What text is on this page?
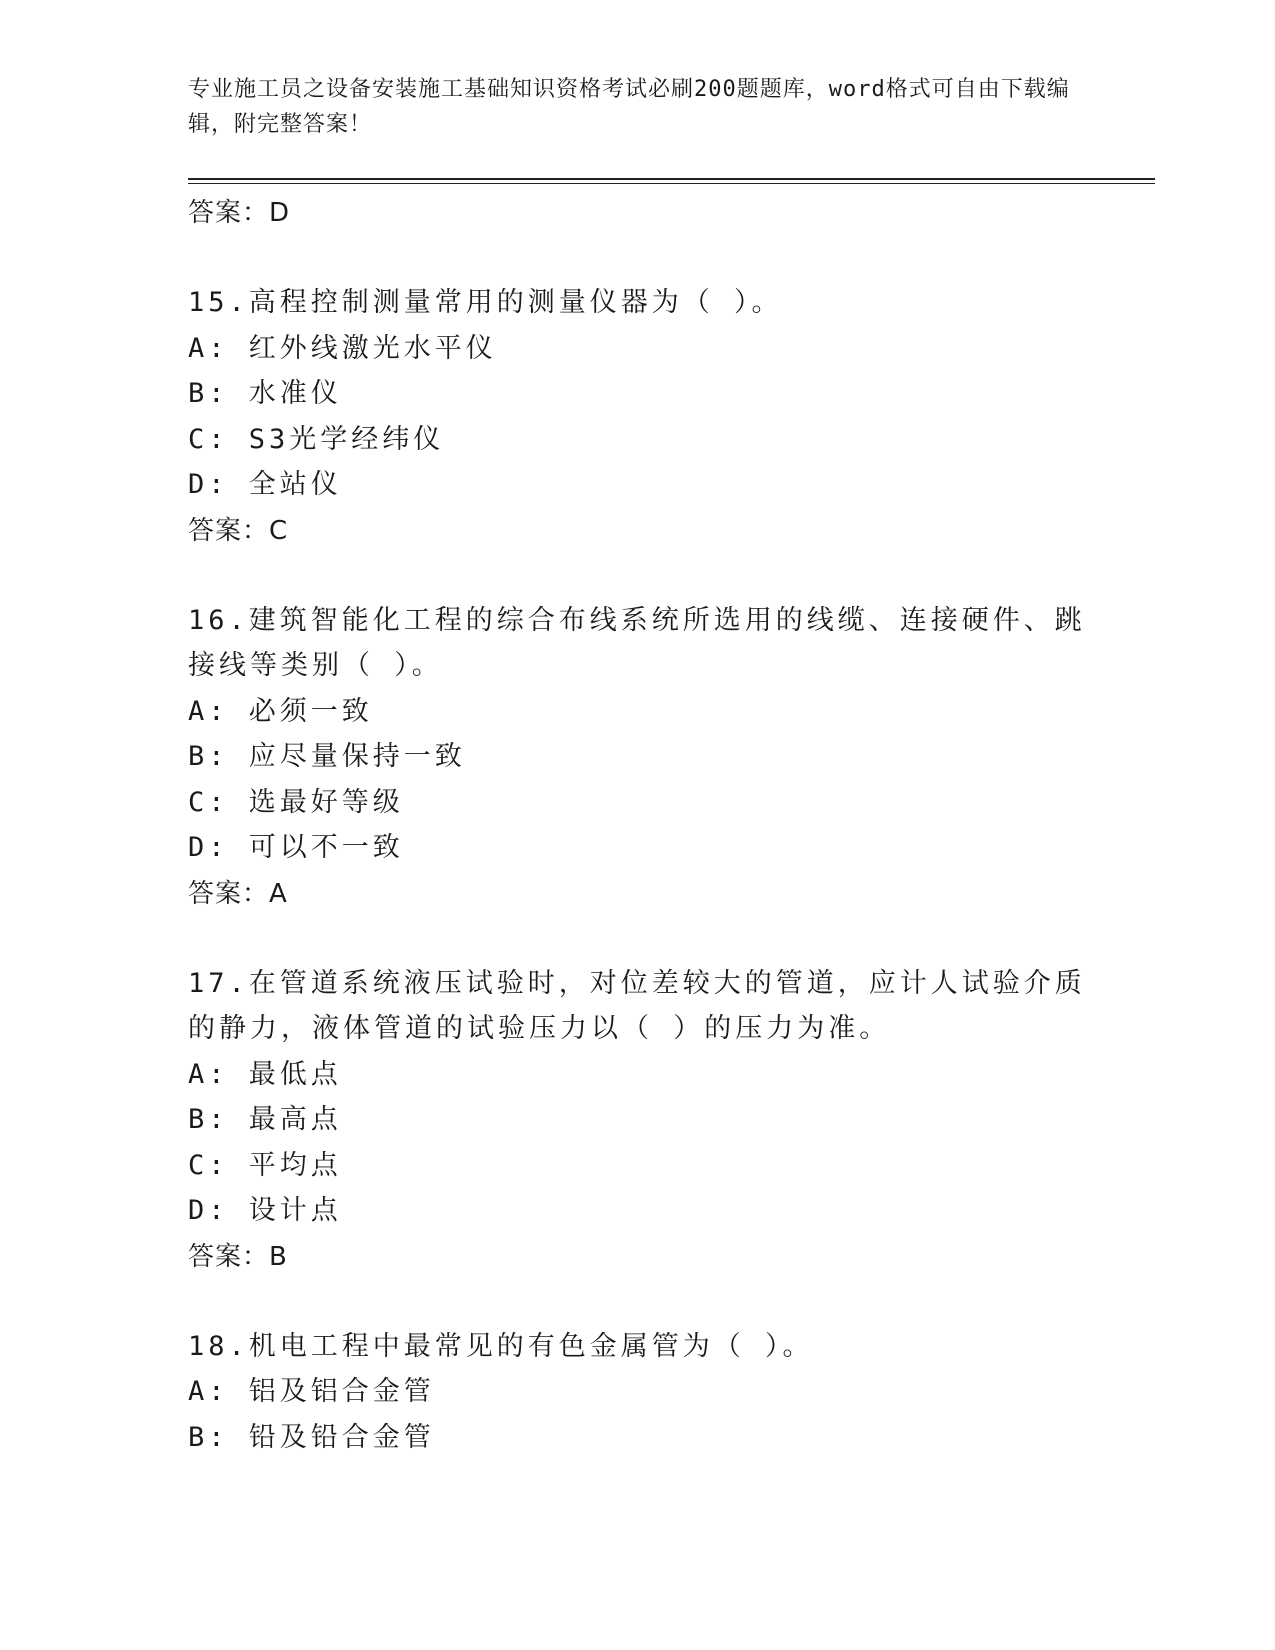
专业施工员之设备安装施工基础知识资格考试必刷200题题库，word格式可自由下载编辑，附完整答案！
答案：D
15.高程控制测量常用的测量仪器为（ ）。
A: 红外线激光水平仪
B: 水准仪
C: S3光学经纬仪
D: 全站仪
答案：C
16.建筑智能化工程的综合布线系统所选用的线缆、连接硬件、跳接线等类别（ ）。
A: 必须一致
B: 应尽量保持一致
C: 选最好等级
D: 可以不一致
答案：A
17.在管道系统液压试验时，对位差较大的管道，应计人试验介质的静力，液体管道的试验压力以（ ）的压力为准。
A: 最低点
B: 最高点
C: 平均点
D: 设计点
答案：B
18.机电工程中最常见的有色金属管为（ ）。
A: 铝及铝合金管
B: 铅及铅合金管
